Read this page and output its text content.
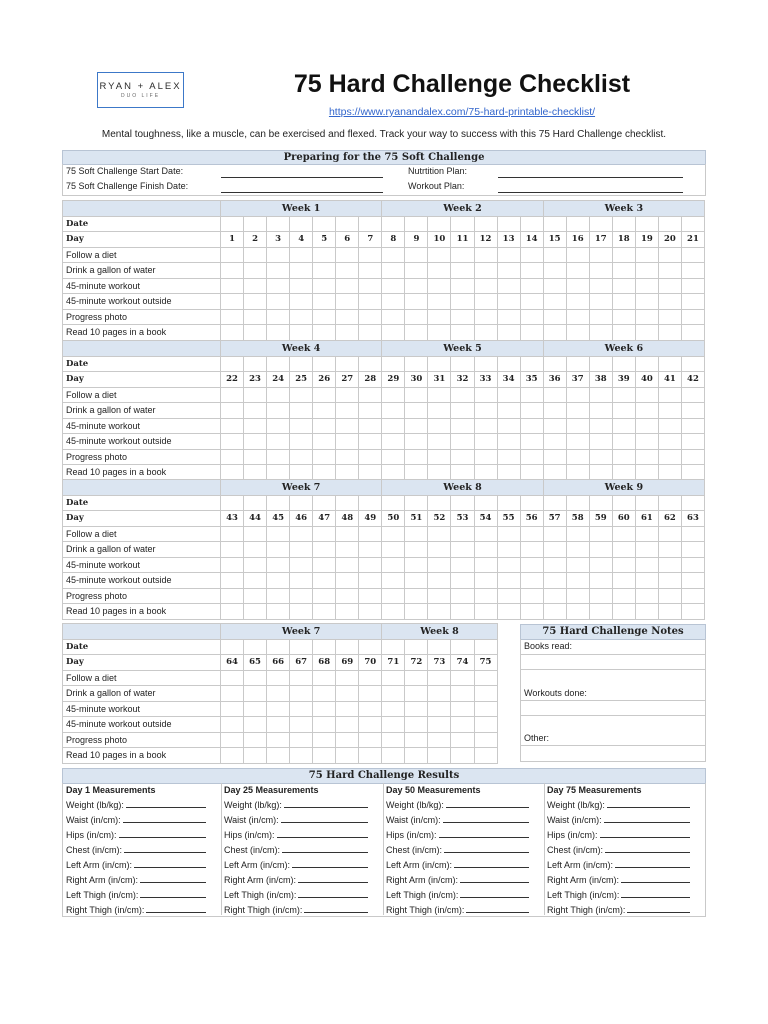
RYAN + ALEX
DUO LIFE	75 Hard Challenge Checklist
https://www.ryanandalex.com/75-hard-printable-checklist/
Mental toughness, like a muscle, can be exercised and flexed. Track your way to success with this 75 Hard Challenge checklist.
Preparing for the 75 Soft Challenge
75 Soft Challenge Start Date:
75 Soft Challenge Finish Date:
Nutrtition Plan:
Workout Plan:
	Week 1							Week 2							Week 3						
Date																					
Day	1	2	3	4	5	6	7	8	9	10	11	12	13	14	15	16	17	18	19	20	21
Follow a diet																					
Drink a gallon of water																					
45-minute workout																					
45-minute workout outside																					
Progress photo																					
Read 10 pages in a book																					
	Week 4							Week 5							Week 6						
Date																					
Day	22	23	24	25	26	27	28	29	30	31	32	33	34	35	36	37	38	39	40	41	42
Follow a diet																					
Drink a gallon of water																					
45-minute workout																					
45-minute workout outside																					
Progress photo																					
Read 10 pages in a book																					
	Week 7							Week 8							Week 9						
Date																					
Day	43	44	45	46	47	48	49	50	51	52	53	54	55	56	57	58	59	60	61	62	63
Follow a diet																					
Drink a gallon of water																					
45-minute workout																					
45-minute workout outside																					
Progress photo																					
Read 10 pages in a book																					
	Week 7							Week 8				
Date												
Day	64	65	66	67	68	69	70	71	72	73	74	75
Follow a diet												
Drink a gallon of water												
45-minute workout												
45-minute workout outside												
Progress photo												
Read 10 pages in a book												
75 Hard Challenge Notes
Books read:
Workouts done:
Other:
75 Hard Challenge Results
Day 1 Measurements
Weight (lb/kg):
Waist (in/cm):
Hips (in/cm):
Chest (in/cm):
Left Arm (in/cm):
Right Arm (in/cm):
Left Thigh (in/cm):
Right Thigh (in/cm):
Day 25 Measurements
Weight (lb/kg):
Waist (in/cm):
Hips (in/cm):
Chest (in/cm):
Left Arm (in/cm):
Right Arm (in/cm):
Left Thigh (in/cm):
Right Thigh (in/cm):
Day 50 Measurements
Weight (lb/kg):
Waist (in/cm):
Hips (in/cm):
Chest (in/cm):
Left Arm (in/cm):
Right Arm (in/cm):
Left Thigh (in/cm):
Right Thigh (in/cm):
Day 75 Measurements
Weight (lb/kg):
Waist (in/cm):
Hips (in/cm):
Chest (in/cm):
Left Arm (in/cm):
Right Arm (in/cm):
Left Thigh (in/cm):
Right Thigh (in/cm):
